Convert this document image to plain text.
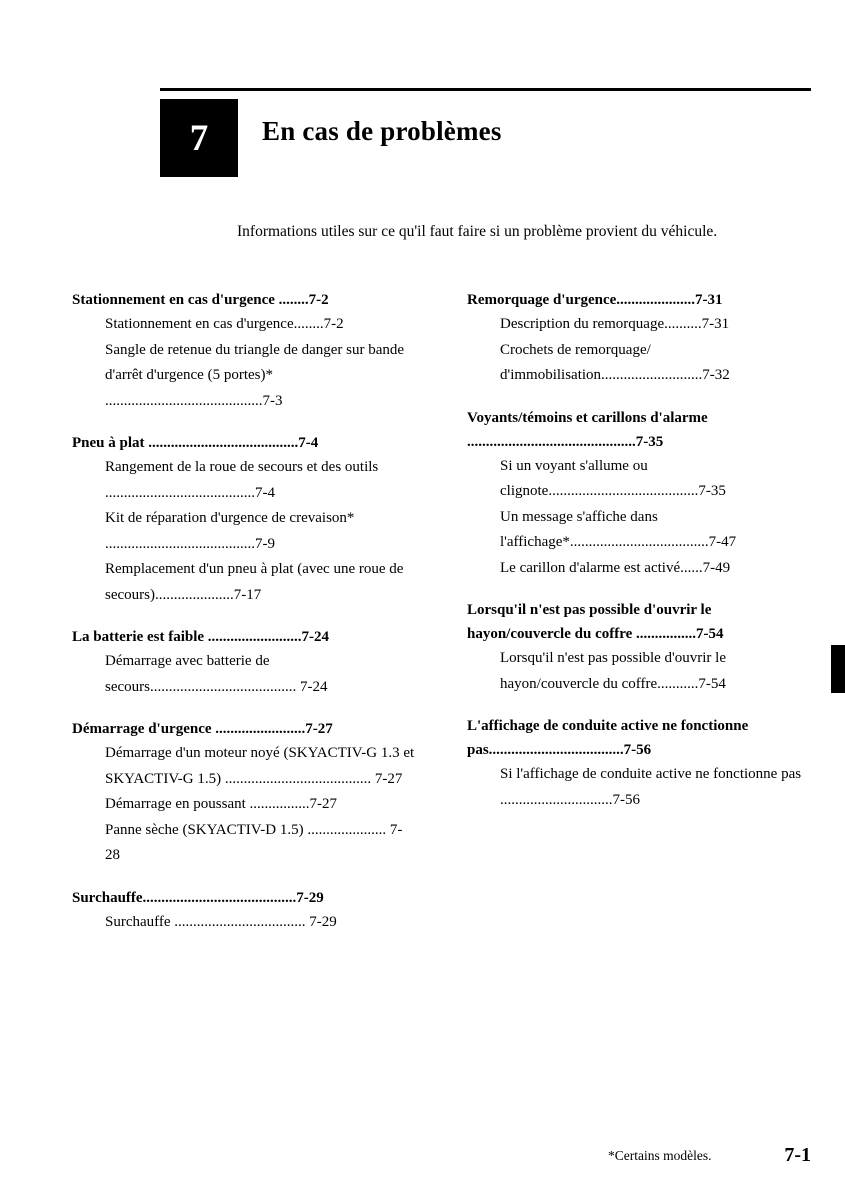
7	En cas de problèmes
Informations utiles sur ce qu'il faut faire si un problème provient du véhicule.
Stationnement en cas d'urgence ........7-2
Stationnement en cas d'urgence........7-2
Sangle de retenue du triangle de danger sur bande d'arrêt d'urgence (5 portes)* ..........................................7-3
Pneu à plat ........................................7-4
Rangement de la roue de secours et des outils ........................................7-4
Kit de réparation d'urgence de crevaison* ........................................7-9
Remplacement d'un pneu à plat (avec une roue de secours).....................7-17
La batterie est faible .........................7-24
Démarrage avec batterie de secours....................................... 7-24
Démarrage d'urgence ........................7-27
Démarrage d'un moteur noyé (SKYACTIV-G 1.3 et SKYACTIV-G 1.5) ....................................... 7-27
Démarrage en poussant ................7-27
Panne sèche (SKYACTIV-D 1.5) ..................... 7-28
Surchauffe.........................................7-29
Surchauffe ................................... 7-29
Remorquage d'urgence.....................7-31
Description du remorquage..........7-31
Crochets de remorquage/ d'immobilisation...........................7-32
Voyants/témoins et carillons d'alarme .............................................7-35
Si un voyant s'allume ou clignote........................................7-35
Un message s'affiche dans l'affichage*.....................................7-47
Le carillon d'alarme est activé......7-49
Lorsqu'il n'est pas possible d'ouvrir le hayon/couvercle du coffre ................7-54
Lorsqu'il n'est pas possible d'ouvrir le hayon/couvercle du coffre...........7-54
L'affichage de conduite active ne fonctionne pas....................................7-56
Si l'affichage de conduite active ne fonctionne pas ..............................7-56
*Certains modèles.	7-1
